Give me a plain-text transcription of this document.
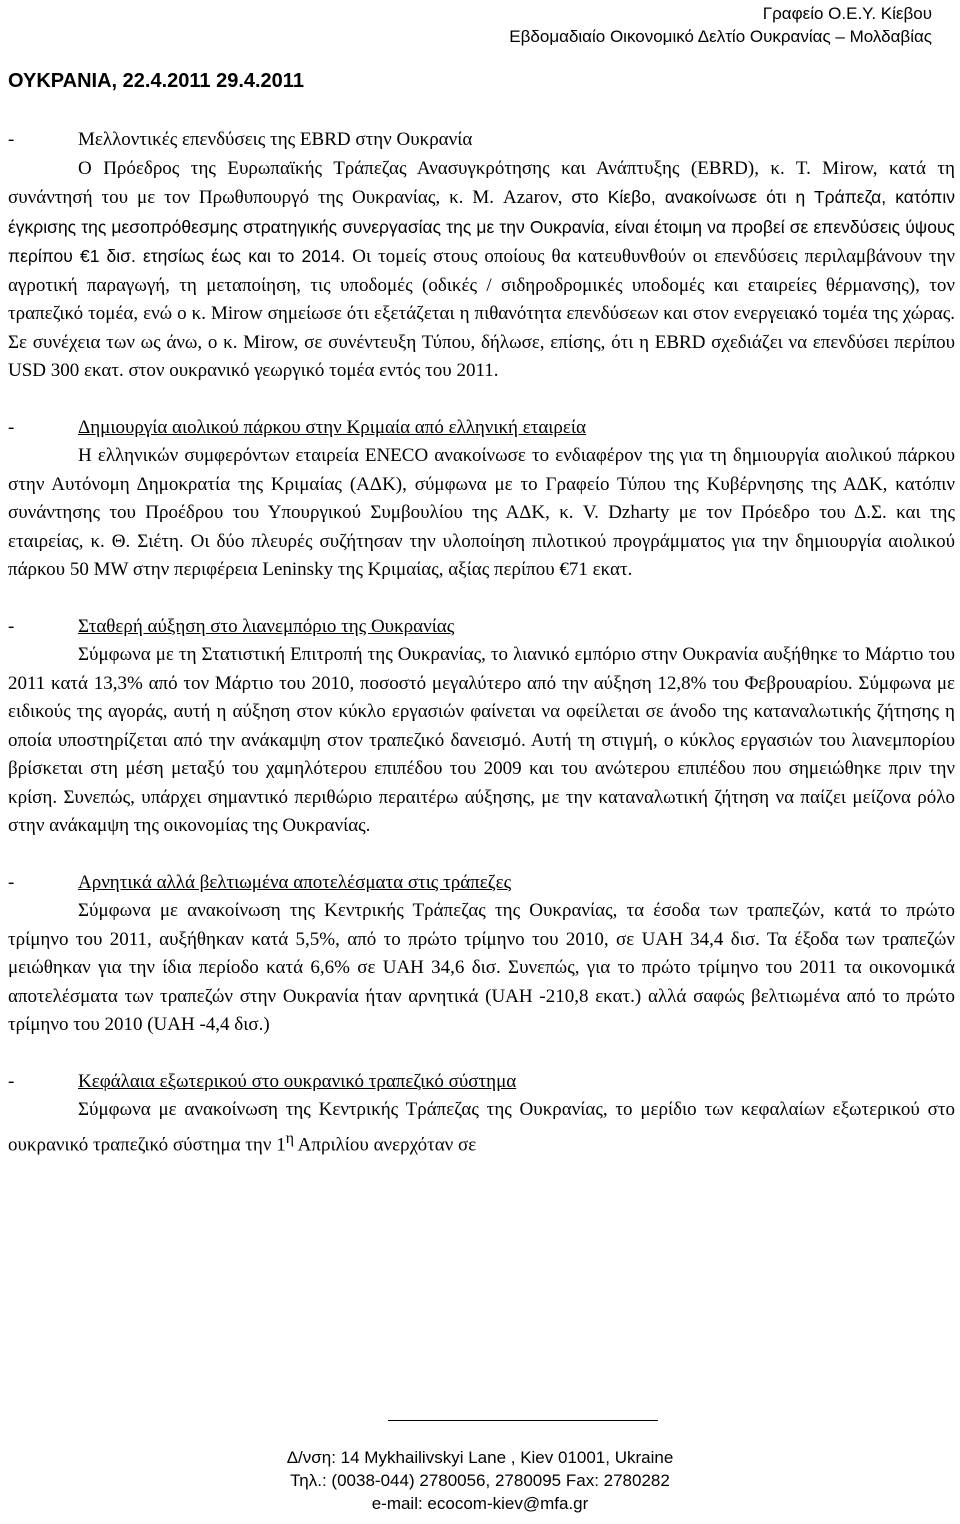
Γραφείο Ο.Ε.Υ. Κίεβου
Εβδομαδιαίο Οικονομικό Δελτίο Ουκρανίας – Μολδαβίας
ΟΥΚΡΑΝΙΑ, 22.4.2011 29.4.2011
-	Μελλοντικές επενδύσεις της EBRD στην Ουκρανία
Ο Πρόεδρος της Ευρωπαϊκής Τράπεζας Ανασυγκρότησης και Ανάπτυξης (EBRD), κ. Τ. Mirow, κατά τη συνάντησή του με τον Πρωθυπουργό της Ουκρανίας, κ. Μ. Azarov, στο Κίεβο, ανακοίνωσε ότι η Τράπεζα, κατόπιν έγκρισης της μεσοπρόθεσμης στρατηγικής συνεργασίας της με την Ουκρανία, είναι έτοιμη να προβεί σε επενδύσεις ύψους περίπου €1 δισ. ετησίως έως και το 2014. Οι τομείς στους οποίους θα κατευθυνθούν οι επενδύσεις περιλαμβάνουν την αγροτική παραγωγή, τη μεταποίηση, τις υποδομές (οδικές / σιδηροδρομικές υποδομές και εταιρείες θέρμανσης), τον τραπεζικό τομέα, ενώ ο κ. Mirow σημείωσε ότι εξετάζεται η πιθανότητα επενδύσεων και στον ενεργειακό τομέα της χώρας. Σε συνέχεια των ως άνω, ο κ. Mirow, σε συνέντευξη Τύπου, δήλωσε, επίσης, ότι η EBRD σχεδιάζει να επενδύσει περίπου USD 300 εκατ. στον ουκρανικό γεωργικό τομέα εντός του 2011.
-	Δημιουργία αιολικού πάρκου στην Κριμαία από ελληνική εταιρεία
Η ελληνικών συμφερόντων εταιρεία ENECO ανακοίνωσε το ενδιαφέρον της για τη δημιουργία αιολικού πάρκου στην Αυτόνομη Δημοκρατία της Κριμαίας (ΑΔΚ), σύμφωνα με το Γραφείο Τύπου της Κυβέρνησης της ΑΔΚ, κατόπιν συνάντησης του Προέδρου του Υπουργικού Συμβουλίου της ΑΔΚ, κ. V. Dzharty με τον Πρόεδρο του Δ.Σ. και της εταιρείας, κ. Θ. Σιέτη. Οι δύο πλευρές συζήτησαν την υλοποίηση πιλοτικού προγράμματος για την δημιουργία αιολικού πάρκου 50 MW στην περιφέρεια Leninsky της Κριμαίας, αξίας περίπου €71 εκατ.
-	Σταθερή αύξηση στο λιανεμπόριο της Ουκρανίας
Σύμφωνα με τη Στατιστική Επιτροπή της Ουκρανίας, το λιανικό εμπόριο στην Ουκρανία αυξήθηκε το Μάρτιο του 2011 κατά 13,3% από τον Μάρτιο του 2010, ποσοστό μεγαλύτερο από την αύξηση 12,8% του Φεβρουαρίου. Σύμφωνα με ειδικούς της αγοράς, αυτή η αύξηση στον κύκλο εργασιών φαίνεται να οφείλεται σε άνοδο της καταναλωτικής ζήτησης η οποία υποστηρίζεται από την ανάκαμψη στον τραπεζικό δανεισμό. Αυτή τη στιγμή, ο κύκλος εργασιών του λιανεμπορίου βρίσκεται στη μέση μεταξύ του χαμηλότερου επιπέδου του 2009 και του ανώτερου επιπέδου που σημειώθηκε πριν την κρίση. Συνεπώς, υπάρχει σημαντικό περιθώριο περαιτέρω αύξησης, με την καταναλωτική ζήτηση να παίζει μείζονα ρόλο στην ανάκαμψη της οικονομίας της Ουκρανίας.
-	Αρνητικά αλλά βελτιωμένα αποτελέσματα στις τράπεζες
Σύμφωνα με ανακοίνωση της Κεντρικής Τράπεζας της Ουκρανίας, τα έσοδα των τραπεζών, κατά το πρώτο τρίμηνο του 2011, αυξήθηκαν κατά 5,5%, από το πρώτο τρίμηνο του 2010, σε UAH 34,4 δισ. Τα έξοδα των τραπεζών μειώθηκαν για την ίδια περίοδο κατά 6,6% σε UAH 34,6 δισ. Συνεπώς, για το πρώτο τρίμηνο του 2011 τα οικονομικά αποτελέσματα των τραπεζών στην Ουκρανία ήταν αρνητικά (UAH -210,8 εκατ.) αλλά σαφώς βελτιωμένα από το πρώτο τρίμηνο του 2010 (UAH -4,4 δισ.)
-	Κεφάλαια εξωτερικού στο ουκρανικό τραπεζικό σύστημα
Σύμφωνα με ανακοίνωση της Κεντρικής Τράπεζας της Ουκρανίας, το μερίδιο των κεφαλαίων εξωτερικού στο ουκρανικό τραπεζικό σύστημα την $1^\eta$ Απριλίου ανερχόταν σε
Δ/νση: 14 Mykhailivskyi Lane , Kiev 01001, Ukraine
Τηλ.: (0038-044) 2780056, 2780095 Fax: 2780282
e-mail: ecocom-kiev@mfa.gr
